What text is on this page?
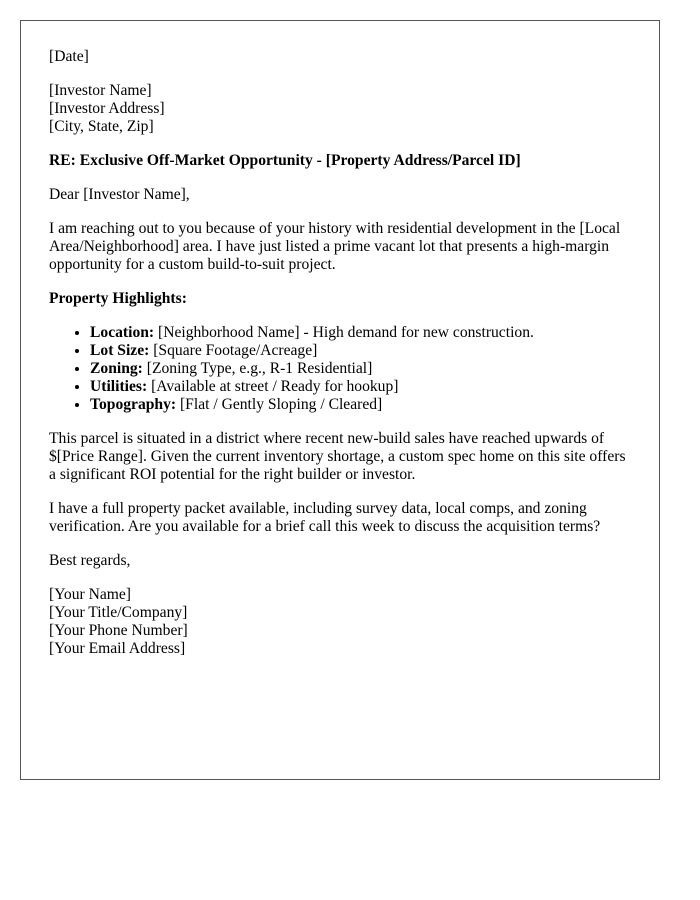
[Date]
[Investor Name]
[Investor Address]
[City, State, Zip]
RE: Exclusive Off-Market Opportunity - [Property Address/Parcel ID]
Dear [Investor Name],

I am reaching out to you because of your history with residential development in the [Local Area/Neighborhood] area. I have just listed a prime vacant lot that presents a high-margin opportunity for a custom build-to-suit project.

Property Highlights:
• Location: [Neighborhood Name] - High demand for new construction.
• Lot Size: [Square Footage/Acreage]
• Zoning: [Zoning Type, e.g., R-1 Residential]
• Utilities: [Available at street / Ready for hookup]
• Topography: [Flat / Gently Sloping / Cleared]

This parcel is situated in a district where recent new-build sales have reached upwards of $[Price Range]. Given the current inventory shortage, a custom spec home on this site offers a significant ROI potential for the right builder or investor.

I have a full property packet available, including survey data, local comps, and zoning verification. Are you available for a brief call this week to discuss the acquisition terms?

Best regards,
[Your Name]
[Your Title/Company]
[Your Phone Number]
[Your Email Address]
